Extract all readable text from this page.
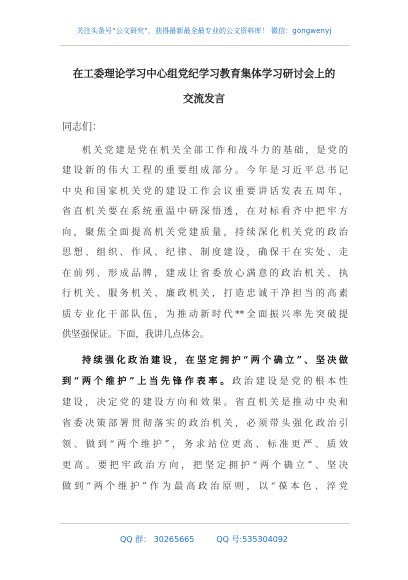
关注头条号“公文研究”，获得最新最全最专业的公文资料库！ 微信：gongwenyj
在工委理论学习中心组党纪学习教育集体学习研讨会上的
交流发言
同志们：
机关党建是党在机关全部工作和战斗力的基础，是党的
建设新的伟大工程的重要组成部分。今年是习近平总书记
中央和国家机关党的建设工作会议重要讲话发表五周年，
省直机关要在系统重温中研深悟透，在对标看齐中把牢方
向，聚焦全面提高机关党建质量，持续深化机关党的政治
思想、组织、作风、纪律、制度建设，确保干在实处、走
在前列、形成品牌，建成让省委放心满意的政治机关、执
行机关、服务机关、廉政机关，打造忠诚干净担当的高素
质专业化干部队伍，为推动新时代**全面振兴率先突破提
供坚强保证。下面，我讲几点体会。
持续强化政治建设，在坚定拥护“两个确立”、坚决做
到“两个维护”上当先锋作表率。政治建设是党的根本性
建设，决定党的建设方向和效果。省直机关是推动中央和
省委决策部署贯彻落实的政治机关，必须带头强化政治引
领、做到“两个维护”，务求站位更高、标准更严、质效
更高。要把牢政治方向，把坚定拥护“两个确立”、坚决
做到“两个维护”作为最高政治原则，以“葆本色、淬党
QQ 群： 30265665	QQ 号:535304092
